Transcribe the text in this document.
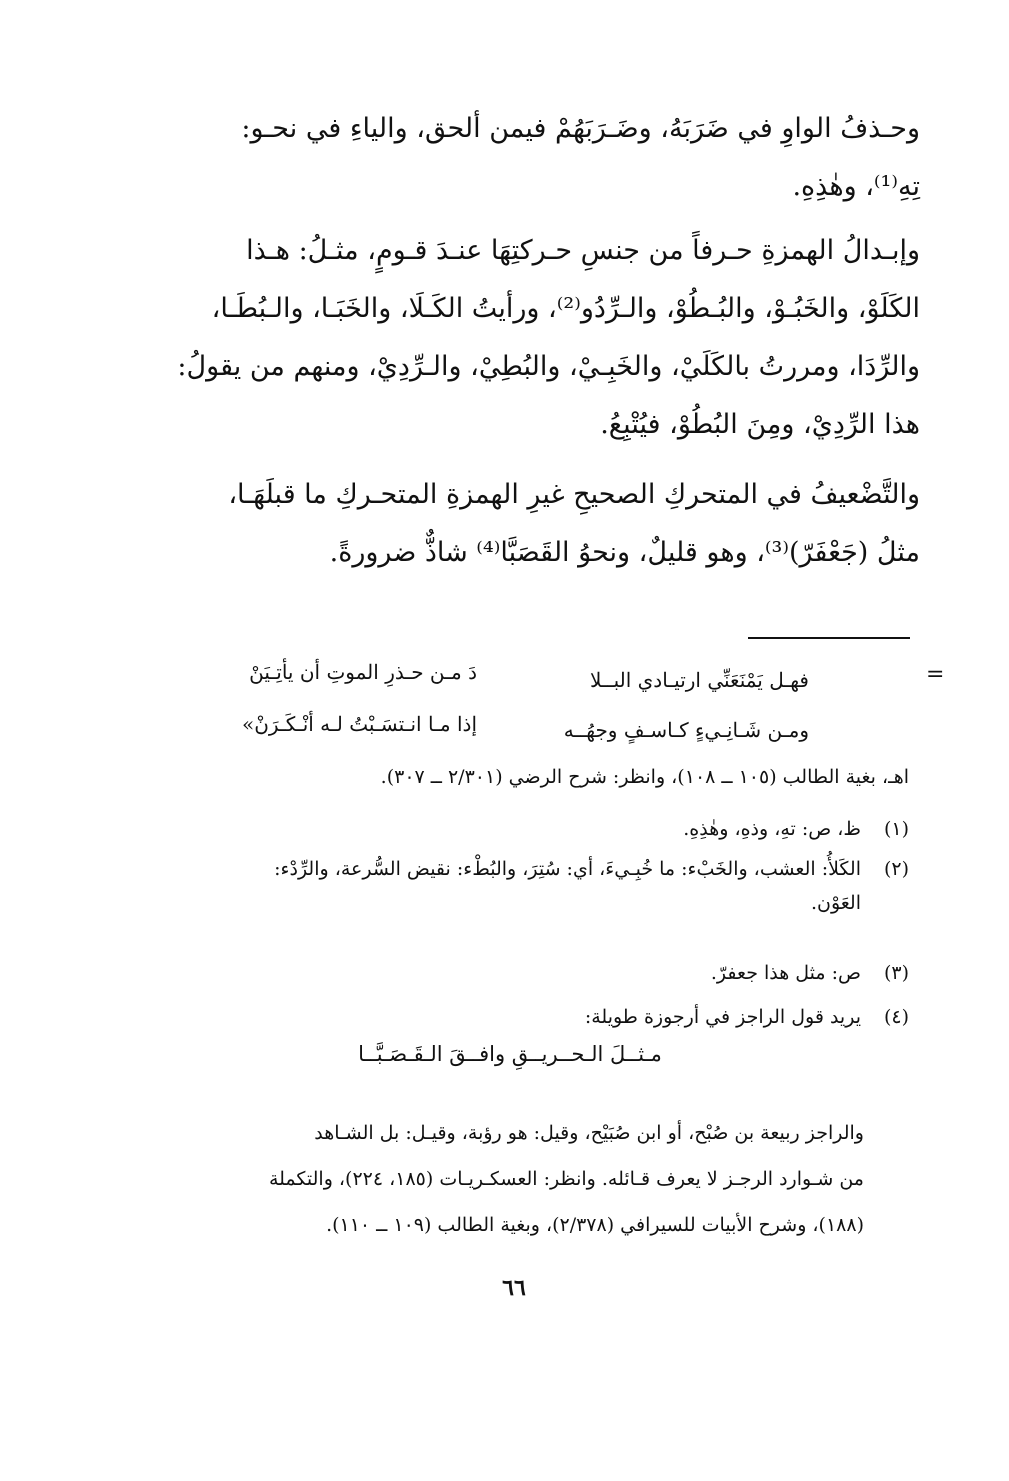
وحـذفُ الواوِ في ضَرَبَهُ، وضَـرَبَهُمْ فيمن ألحق، والياءِ في نحـو:
تِهِ⁽¹⁾، وهٰذِهِ.
وإبـدالُ الهمزةِ حـرفاً من جنسِ حـركتِهَا عنـدَ قـومٍ، مثـلُ: هـذا
الكَلَوْ، والخَبُـوْ، والبُـطُوْ، والـرِّدُو⁽²⁾، ورأيتُ الكَـلَا، والخَبَـا، والـبُطَـا،
والرِّدَا، ومررتُ بالكَلَيْ، والخَبِـيْ، والبُطِيْ، والـرِّدِيْ، ومنهم من يقولُ:
هذا الرِّدِيْ، ومِنَ البُطُوْ، فيُتْبِعُ.
والتَّضْعيفُ في المتحركِ الصحيحِ غيرِ الهمزةِ المتحـركِ ما قبلَهَـا،
مثلُ (جَعْفَرّ)⁽³⁾، وهو قليلٌ، ونحوُ القَصَبَّا⁽⁴⁾ شاذٌّ ضرورةً.
=
فهـل يَمْنَعَنِّي ارتيـادي البــلا
دَ مـن حـذرِ الموتِ أن يأتِـيَنْ
ومـن شَـانِـيءٍ كـاسـفٍ وجهُــه
إذا مـا انـتسَـبْتُ لـه أنْـكَـرَنْ»
اهـ، بغية الطالب (١٠٥ ــ ١٠٨)، وانظر: شرح الرضي (٢/٣٠١ ــ ٣٠٧).
(١)ظ، ص: تهِ، وذهِ، وهٰذِهِ.
(٢)الكَلأُ: العشب، والخَبْء: ما خُبِـيءَ، أي: سُتِرَ، والبُطْء: نقيض السُّرعة، والرِّدْء:
العَوْن.
(٣)ص: مثل هذا جعفرّ.
(٤)يريد قول الراجز في أرجوزة طويلة:
مـثــلَ الـحــريــقِ وافــقَ الـقَـصَـبَّــا
والراجز ربيعة بن صُبْح، أو ابن صُبَيْح، وقيل: هو رؤبة، وقيـل: بل الشـاهد
من شـوارد الرجـز لا يعرف قـائله. وانظر: العسكـريـات (١٨٥، ٢٢٤)، والتكملة
(١٨٨)، وشرح الأبيات للسيرافي (٢/٣٧٨)، وبغية الطالب (١٠٩ ــ ١١٠).
٦٦
